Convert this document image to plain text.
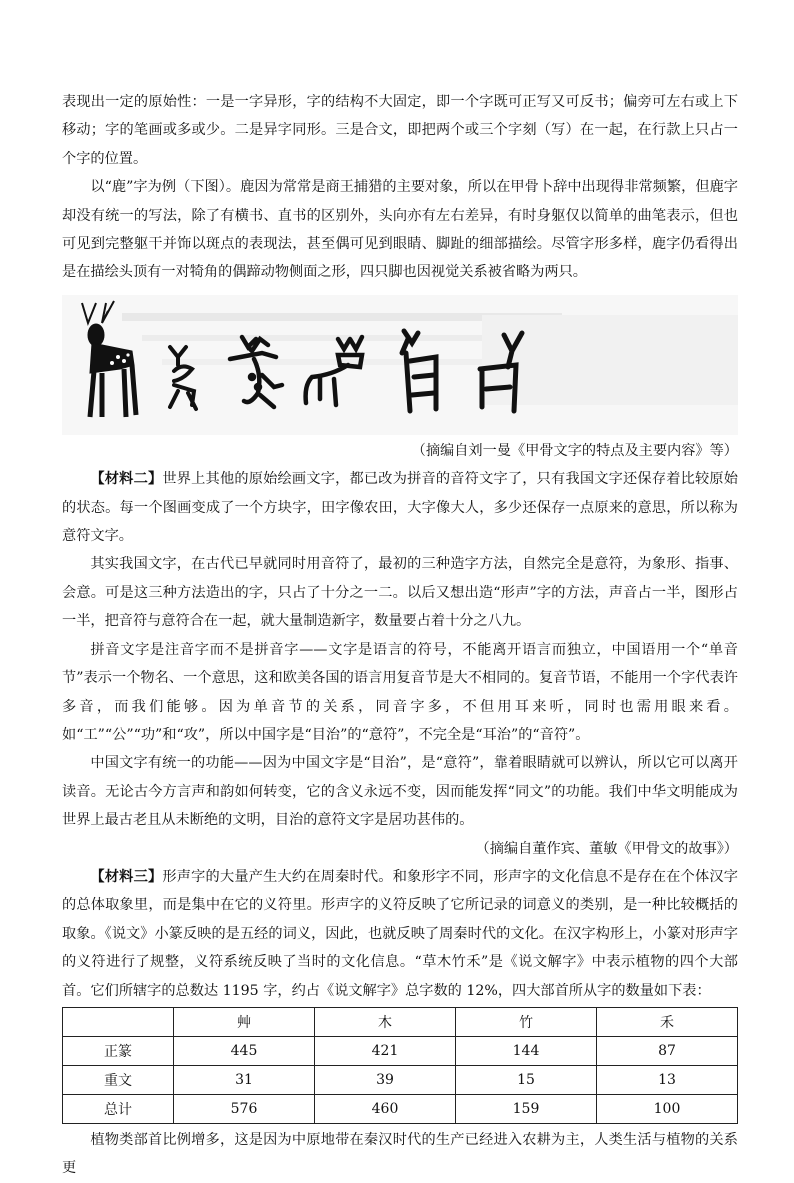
表现出一定的原始性：一是一字异形，字的结构不大固定，即一个字既可正写又可反书；偏旁可左右或上下移动；字的笔画或多或少。二是异字同形。三是合文，即把两个或三个字刻（写）在一起，在行款上只占一个字的位置。

以“鹿”字为例（下图）。鹿因为常常是商王捕猎的主要对象，所以在甲骨卜辞中出现得非常频繁，但鹿字却没有统一的写法，除了有横书、直书的区别外，头向亦有左右差异，有时身躯仅以简单的曲笔表示，但也可见到完整躯干并饰以斑点的表现法，甚至偶可见到眼睛、脚趾的细部描绘。尽管字形多样，鹿字仍看得出是在描绘头顶有一对犄角的偶蹄动物侧面之形，四只脚也因视觉关系被省略为两只。

（摘编自刘一曼《甲骨文字的特点及主要内容》等）

【材料二】世界上其他的原始绘画文字，都已改为拼音的音符文字了，只有我国文字还保存着比较原始的状态。每一个图画变成了一个方块字，田字像农田，大字像大人，多少还保存一点原来的意思，所以称为意符文字。

其实我国文字，在古代已早就同时用音符了，最初的三种造字方法，自然完全是意符，为象形、指事、会意。可是这三种方法造出的字，只占了十分之一二。以后又想出造“形声”字的方法，声音占一半，图形占一半，把音符与意符合在一起，就大量制造新字，数量要占着十分之八九。

拼音文字是注音字而不是拼音字——文字是语言的符号，不能离开语言而独立，中国语用一个“单音节”表示一个物名、一个意思，这和欧美各国的语言用复音节是大不相同的。复音节语，不能用一个字代表许多音，而我们能够。因为单音节的关系，同音字多，不但用耳来听，同时也需用眼来看。如“工”“公”“功”和“攻”，所以中国字是“目治”的“意符”，不完全是“耳治”的“音符”。

中国文字有统一的功能——因为中国文字是“目治”，是“意符”，靠着眼睛就可以辨认，所以它可以离开读音。无论古今方言声和韵如何转变，它的含义永远不变，因而能发挥“同文”的功能。我们中华文明能成为世界上最古老且从未断绝的文明，目治的意符文字是居功甚伟的。

（摘编自董作宾、董敏《甲骨文的故事》）

【材料三】形声字的大量产生大约在周秦时代。和象形字不同，形声字的文化信息不是存在在个体汉字的总体取象里，而是集中在它的义符里。形声字的义符反映了它所记录的词意义的类别，是一种比较概括的取象。《说文》小篆反映的是五经的词义，因此，也就反映了周秦时代的文化。在汉字构形上，小篆对形声字的义符进行了规整，义符系统反映了当时的文化信息。“草木竹禾”是《说文解字》中表示植物的四个大部首。它们所辖字的总数达 1195 字，约占《说文解字》总字数的 12%，四大部首所从字的数量如下表：

	艸	木	竹	禾
正篆	445	421	144	87
重文	31	39	15	13
总计	576	460	159	100

植物类部首比例增多，这是因为中原地带在秦汉时代的生产已经进入农耕为主，人类生活与植物的关系更
